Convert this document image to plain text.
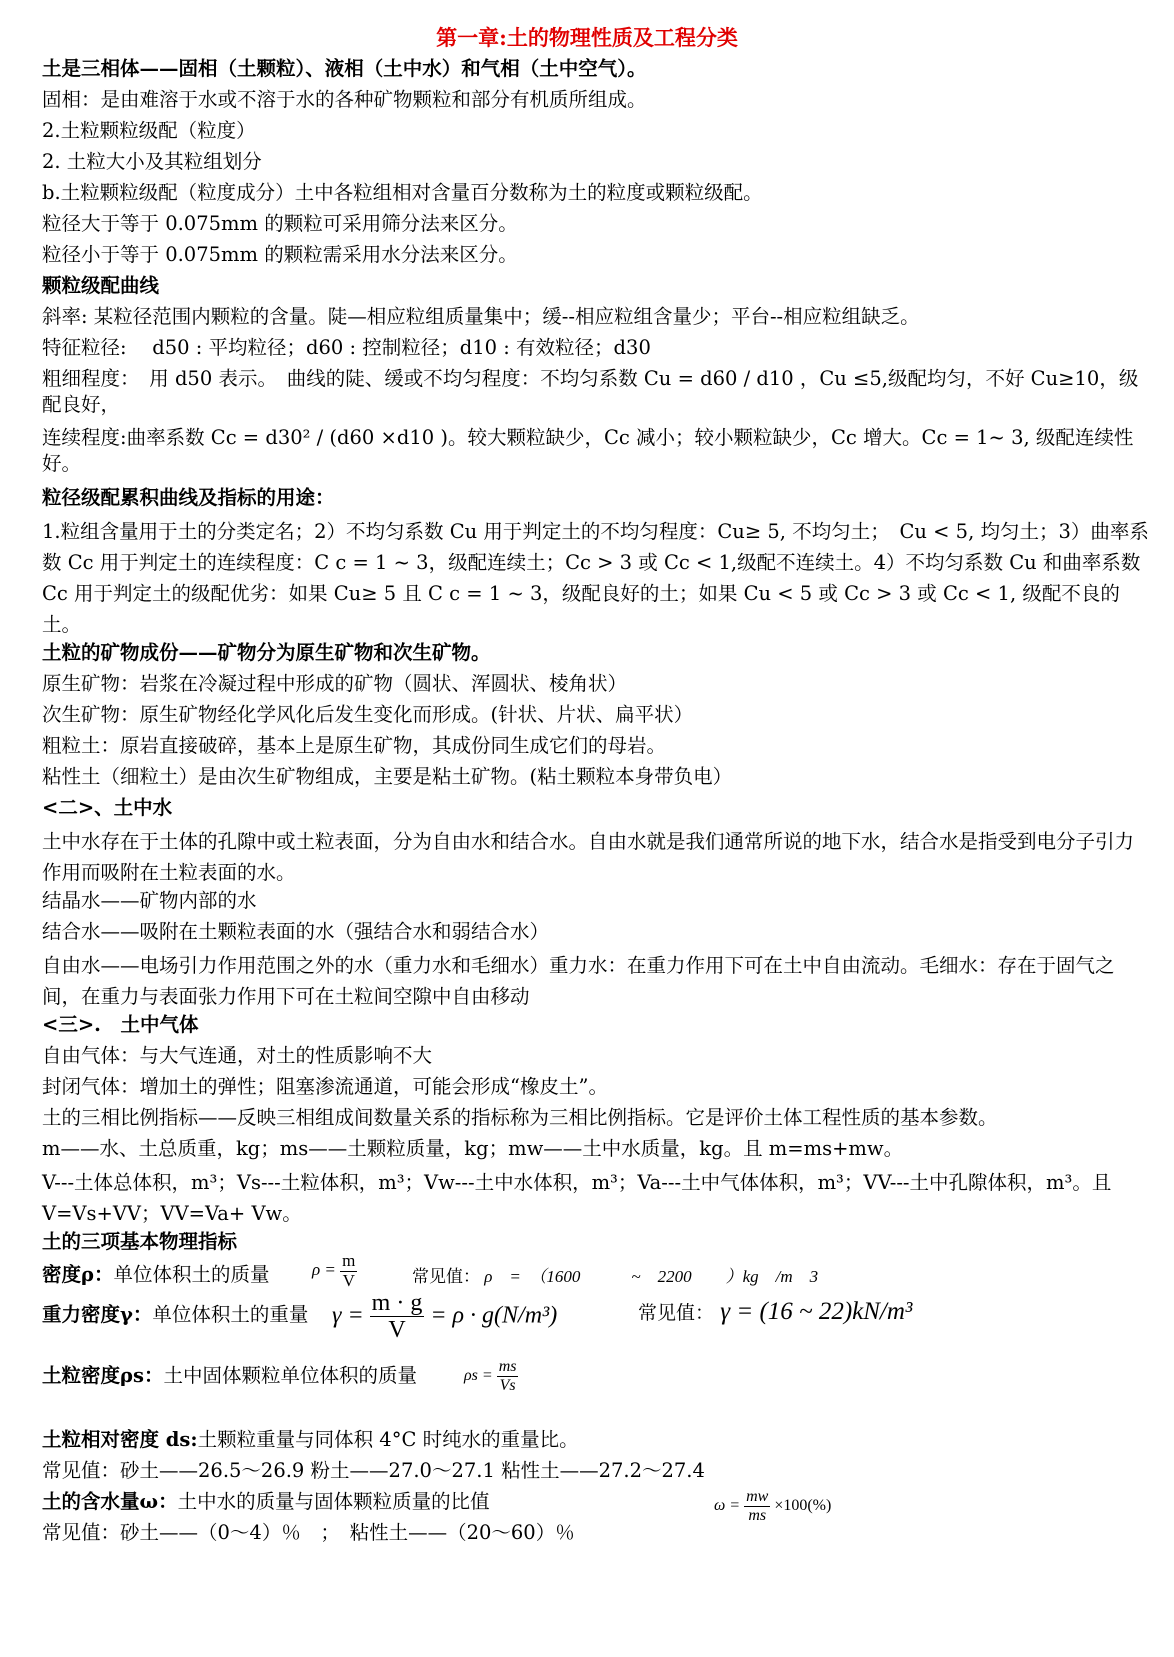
第一章:土的物理性质及工程分类
土是三相体——固相（土颗粒）、液相（土中水）和气相（土中空气）。
固相：是由难溶于水或不溶于水的各种矿物颗粒和部分有机质所组成。
2.土粒颗粒级配（粒度）
2. 土粒大小及其粒组划分
b.土粒颗粒级配（粒度成分）土中各粒组相对含量百分数称为土的粒度或颗粒级配。
粒径大于等于 0.075mm 的颗粒可采用筛分法来区分。
粒径小于等于 0.075mm 的颗粒需采用水分法来区分。
颗粒级配曲线
斜率: 某粒径范围内颗粒的含量。陡—相应粒组质量集中；缓--相应粒组含量少；平台--相应粒组缺乏。
特征粒径:　 d50 : 平均粒径；d60 : 控制粒径；d10 : 有效粒径；d30
粗细程度：　用 d50 表示。　曲线的陡、缓或不均匀程度：不均匀系数 Cu = d60 / d10 ，Cu ≤5,级配均匀，不好 Cu≥10，级配良好，
连续程度:曲率系数 Cc = d30² / (d60 ×d10 )。较大颗粒缺少，Cc 减小；较小颗粒缺少，Cc 增大。Cc = 1~ 3, 级配连续性好。
粒径级配累积曲线及指标的用途：
1.粒组含量用于土的分类定名；2）不均匀系数 Cu 用于判定土的不均匀程度：Cu≥ 5, 不均匀土；　Cu < 5, 均匀土；3）曲率系数 Cc 用于判定土的连续程度：C c = 1 ~ 3，级配连续土；Cc > 3 或 Cc < 1,级配不连续土。4）不均匀系数 Cu 和曲率系数 Cc 用于判定土的级配优劣：如果 Cu≥ 5 且 C c = 1 ~ 3，级配良好的土；如果 Cu < 5 或 Cc > 3 或 Cc < 1, 级配不良的土。
土粒的矿物成份——矿物分为原生矿物和次生矿物。
原生矿物：岩浆在冷凝过程中形成的矿物（圆状、浑圆状、棱角状）
次生矿物：原生矿物经化学风化后发生变化而形成。(针状、片状、扁平状）
粗粒土：原岩直接破碎，基本上是原生矿物，其成份同生成它们的母岩。
粘性土（细粒土）是由次生矿物组成，主要是粘土矿物。(粘土颗粒本身带负电）
<二>、土中水
土中水存在于土体的孔隙中或土粒表面，分为自由水和结合水。自由水就是我们通常所说的地下水，结合水是指受到电分子引力作用而吸附在土粒表面的水。
结晶水——矿物内部的水
结合水——吸附在土颗粒表面的水（强结合水和弱结合水）
自由水——电场引力作用范围之外的水（重力水和毛细水）重力水：在重力作用下可在土中自由流动。毛细水：存在于固气之间，在重力与表面张力作用下可在土粒间空隙中自由移动
<三>.　土中气体
自由气体：与大气连通，对土的性质影响不大
封闭气体：增加土的弹性；阻塞渗流通道，可能会形成“橡皮土”。
土的三相比例指标——反映三相组成间数量关系的指标称为三相比例指标。它是评价土体工程性质的基本参数。
m——水、土总质重，kg；ms——土颗粒质量，kg；mw——土中水质量，kg。且 m=ms+mw。
V---土体总体积，m³；Vs---土粒体积，m³；Vw---土中水体积，m³；Va---土中气体体积，m³；VV---土中孔隙体积，m³。且 V=Vs+VV；VV=Va+ Vw。
土的三项基本物理指标
密度ρ：单位体积土的质量	$\rho = \frac{m}{V}$	常见值： ρ　=　（1600　　　~　2200　　）kg　/m　3
重力密度γ：单位体积土的重量 $\gamma = \frac{m \cdot g}{V} = \rho \cdot g(N/m^3)$	常见值： γ = (16 ~ 22)kN/m³
土粒密度ρs：土中固体颗粒单位体积的质量	$\rho s = \frac{ms}{Vs}$
土粒相对密度 ds:土颗粒重量与同体积 4°C 时纯水的重量比。
常见值：砂土——26.5～26.9 粉土——27.0～27.1 粘性土——27.2～27.4
土的含水量ω：土中水的质量与固体颗粒质量的比值	$\omega = \frac{mw}{ms} \times 100(\%)$
常见值：砂土——（0～4）％　；　粘性土——（20～60）％
